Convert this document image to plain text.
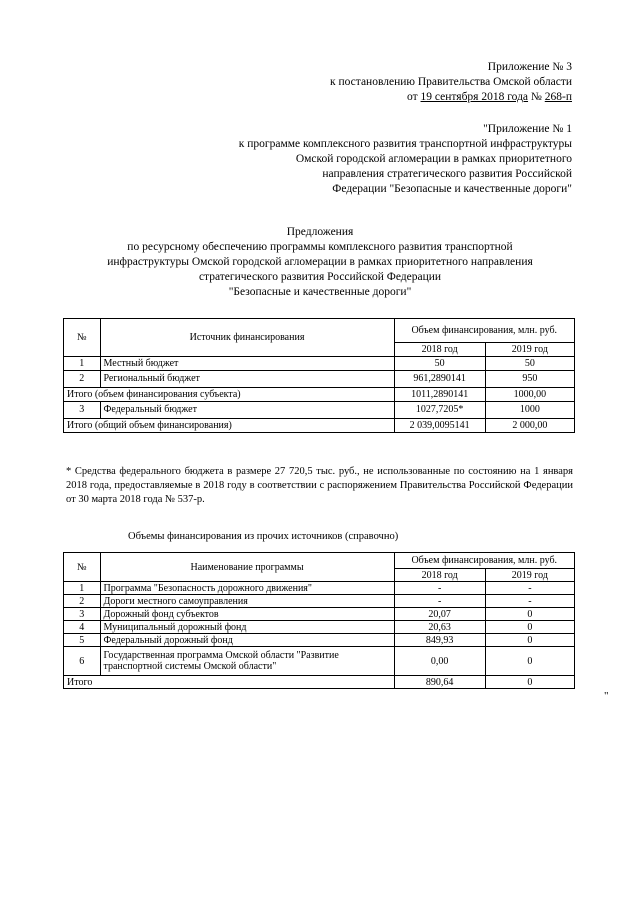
Приложение № 3
к постановлению Правительства Омской области
от 19 сентября 2018 года № 268-п
"Приложение № 1
к программе комплексного развития транспортной инфраструктуры
Омской городской агломерации в рамках приоритетного
направления стратегического развития Российской
Федерации "Безопасные и качественные дороги"
Предложения
по ресурсному обеспечению программы комплексного развития транспортной
инфраструктуры Омской городской агломерации в рамках приоритетного направления
стратегического развития Российской Федерации
"Безопасные и качественные дороги"
№	Источник финансирования	Объем финансирования, млн. руб.	
		2018 год	2019 год
1	Местный бюджет	50	50
2	Региональный бюджет	961,2890141	950
Итого (объем финансирования субъекта)		1011,2890141	1000,00
3	Федеральный бюджет	1027,7205*	1000
Итого (общий объем финансирования)		2 039,0095141	2 000,00
* Средства федерального бюджета в размере 27 720,5 тыс. руб., не использованные по состоянию на 1 января 2018 года, предоставляемые в 2018 году в соответствии с распоряжением Правительства Российской Федерации от 30 марта 2018 года № 537-р.
Объемы финансирования из прочих источников (справочно)
№	Наименование программы	Объем финансирования, млн. руб.	
		2018 год	2019 год
1	Программа "Безопасность дорожного движения"	-	-
2	Дороги местного самоуправления	-	-
3	Дорожный фонд субъектов	20,07	0
4	Муниципальный дорожный фонд	20,63	0
5	Федеральный дорожный фонд	849,93	0
6	Государственная программа Омской области "Развитие транспортной системы Омской области"	0,00	0
Итого		890,64	0
"
